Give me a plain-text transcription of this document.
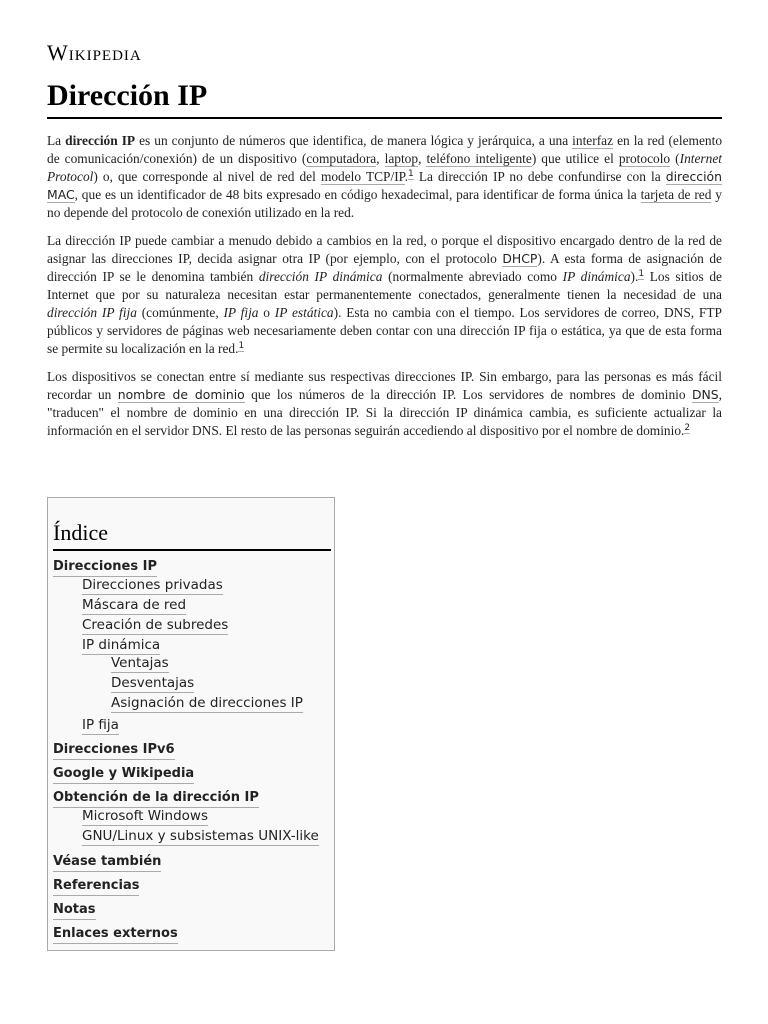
Wikipedia
Dirección IP

La dirección IP es un conjunto de números que identifica, de manera lógica y jerárquica, a una interfaz en la red (elemento de comunicación/conexión) de un dispositivo (computadora, laptop, teléfono inteligente) que utilice el protocolo (Internet Protocol) o, que corresponde al nivel de red del modelo TCP/IP.$^1$ La dirección IP no debe confundirse con la dirección MAC, que es un identificador de 48 bits expresado en código hexadecimal, para identificar de forma única la tarjeta de red y no depende del protocolo de conexión utilizado en la red.

La dirección IP puede cambiar a menudo debido a cambios en la red, o porque el dispositivo encargado dentro de la red de asignar las direcciones IP, decida asignar otra IP (por ejemplo, con el protocolo DHCP). A esta forma de asignación de dirección IP se le denomina también dirección IP dinámica (normalmente abreviado como IP dinámica).$^1$ Los sitios de Internet que por su naturaleza necesitan estar permanentemente conectados, generalmente tienen la necesidad de una dirección IP fija (comúnmente, IP fija o IP estática). Esta no cambia con el tiempo. Los servidores de correo, DNS, FTP públicos y servidores de páginas web necesariamente deben contar con una dirección IP fija o estática, ya que de esta forma se permite su localización en la red.$^1$

Los dispositivos se conectan entre sí mediante sus respectivas direcciones IP. Sin embargo, para las personas es más fácil recordar un nombre de dominio que los números de la dirección IP. Los servidores de nombres de dominio DNS, "traducen" el nombre de dominio en una dirección IP. Si la dirección IP dinámica cambia, es suficiente actualizar la información en el servidor DNS. El resto de las personas seguirán accediendo al dispositivo por el nombre de dominio.$^2$

Índice
Direcciones IP
Direcciones privadas
Máscara de red
Creación de subredes
IP dinámica
Ventajas
Desventajas
Asignación de direcciones IP
IP fija
Direcciones IPv6
Google y Wikipedia
Obtención de la dirección IP
Microsoft Windows
GNU/Linux y subsistemas UNIX-like
Véase también
Referencias
Notas
Enlaces externos
